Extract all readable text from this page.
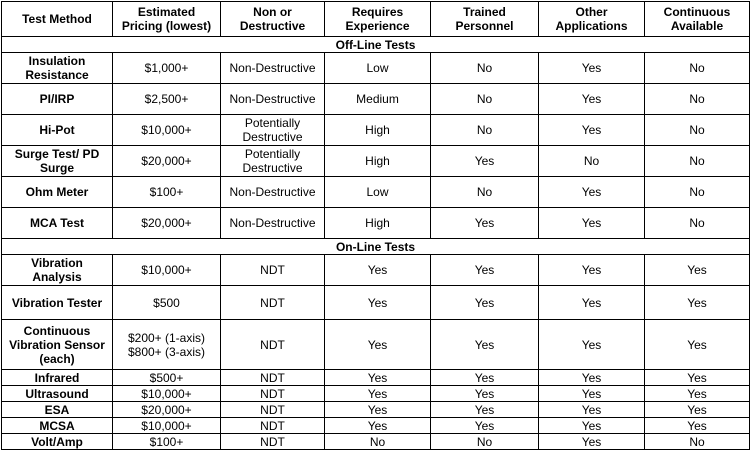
Test Method	Estimated Pricing (lowest)	Non or Destructive	Requires Experience	Trained Personnel	Other Applications	Continuous Available
Off-Line Tests						
Insulation Resistance	$1,000+	Non-Destructive	Low	No	Yes	No
PI/IRP	$2,500+	Non-Destructive	Medium	No	Yes	No
Hi-Pot	$10,000+	Potentially Destructive	High	No	Yes	No
Surge Test/ PD Surge	$20,000+	Potentially Destructive	High	Yes	No	No
Ohm Meter	$100+	Non-Destructive	Low	No	Yes	No
MCA Test	$20,000+	Non-Destructive	High	Yes	Yes	No
On-Line Tests						
Vibration Analysis	$10,000+	NDT	Yes	Yes	Yes	Yes
Vibration Tester	$500	NDT	Yes	Yes	Yes	Yes
Continuous Vibration Sensor (each)	$200+ (1-axis) $800+ (3-axis)	NDT	Yes	Yes	Yes	Yes
Infrared	$500+	NDT	Yes	Yes	Yes	Yes
Ultrasound	$10,000+	NDT	Yes	Yes	Yes	Yes
ESA	$20,000+	NDT	Yes	Yes	Yes	Yes
MCSA	$10,000+	NDT	Yes	Yes	Yes	Yes
Volt/Amp	$100+	NDT	No	No	Yes	No
